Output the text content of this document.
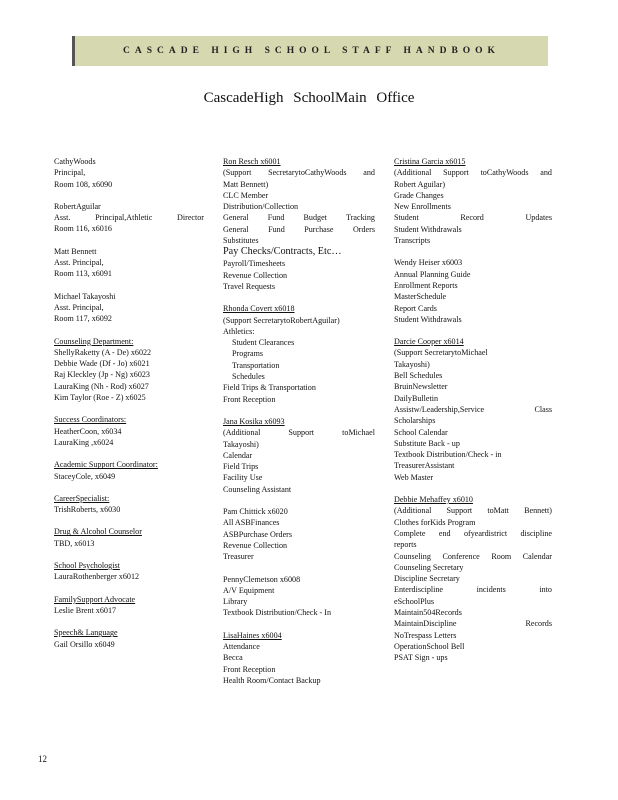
CASCADE HIGH SCHOOL STAFF HANDBOOK
CascadeHigh SchoolMain Office
CathyWoods
Principal,
Room 108, x6090
RobertAguilar
Asst.	Principal,Athletic	Director
Room 116, x6016
Matt Bennett
Asst. Principal,
Room 113, x6091
Michael Takayoshi
Asst. Principal,
Room 117, x6092
Counseling Department:
ShellyRaketty (A - De) x6022
Debbie Wade (Df - Jo) x6021
Raj Kleckley (Jp - Ng) x6023
LauraKing (Nh - Rod) x6027
Kim Taylor (Roe - Z) x6025
Success Coordinators:
HeatherCoon, x6034
LauraKing ,x6024
Academic Support Coordinator:
StaceyCole, x6049
CareerSpecialist:
TrishRoberts, x6030
Drug & Alcohol Counselor
TBD, x6013
School Psychologist
LauraRothenberger x6012
FamilySupport Advocate
Leslie Brent x6017
Speech& Language
Gail Orsillo x6049
Ron Resch x6001
(Support SecretarytoCathyWoods and
Matt Bennett)
CLC Member
Distribution/Collection
General Fund Budget Tracking
General Fund Purchase Orders
Substitutes
Pay Checks/Contracts, Etc…
Payroll/Timesheets
Revenue Collection
Travel Requests
Rhonda Covert x6018
(Support SecretarytoRobertAguilar)
Athletics:
Student Clearances
Programs
Transportation
Schedules
Field Trips & Transportation
Front Reception
Jana Kosika x6093
(Additional	Support	toMichael
Takayoshi)
Calendar
Field Trips
Facility Use
Counseling Assistant
Pam Chittick x6020
All ASBFinances
ASBPurchase Orders
Revenue Collection
Treasurer
PennyClemetson x6008
A/V Equipment
Library
Textbook Distribution/Check - In
LisaHaines x6004
Attendance
Becca
Front Reception
Health Room/Contact Backup
Cristina Garcia x6015
(Additional Support toCathyWoods and
Robert Aguilar)
Grade Changes
New Enrollments
Student	Record	Updates
Student Withdrawals
Transcripts
Wendy Heiser x6003
Annual Planning Guide
Enrollment Reports
MasterSchedule
Report Cards
Student Withdrawals
Darcie Cooper x6014
(Support SecretarytoMichael
Takayoshi)
Bell Schedules
BruinNewsletter
DailyBulletin
Assistw/Leadership,Service	Class
Scholarships
School Calendar
Substitute Back - up
Textbook Distribution/Check - in
TreasurerAssistant
Web Master
Debbie Mehaffey x6010
(Additional Support toMatt Bennett)
Clothes forKids Program
Complete end ofyeardistrict discipline
reports
Counseling Conference Room Calendar
Counseling Secretary
Discipline Secretary
Enterdiscipline	incidents	into
eSchoolPlus
Maintain504Records
MaintainDiscipline	Records
NoTrespass Letters
OperationSchool Bell
PSAT Sign - ups
12
